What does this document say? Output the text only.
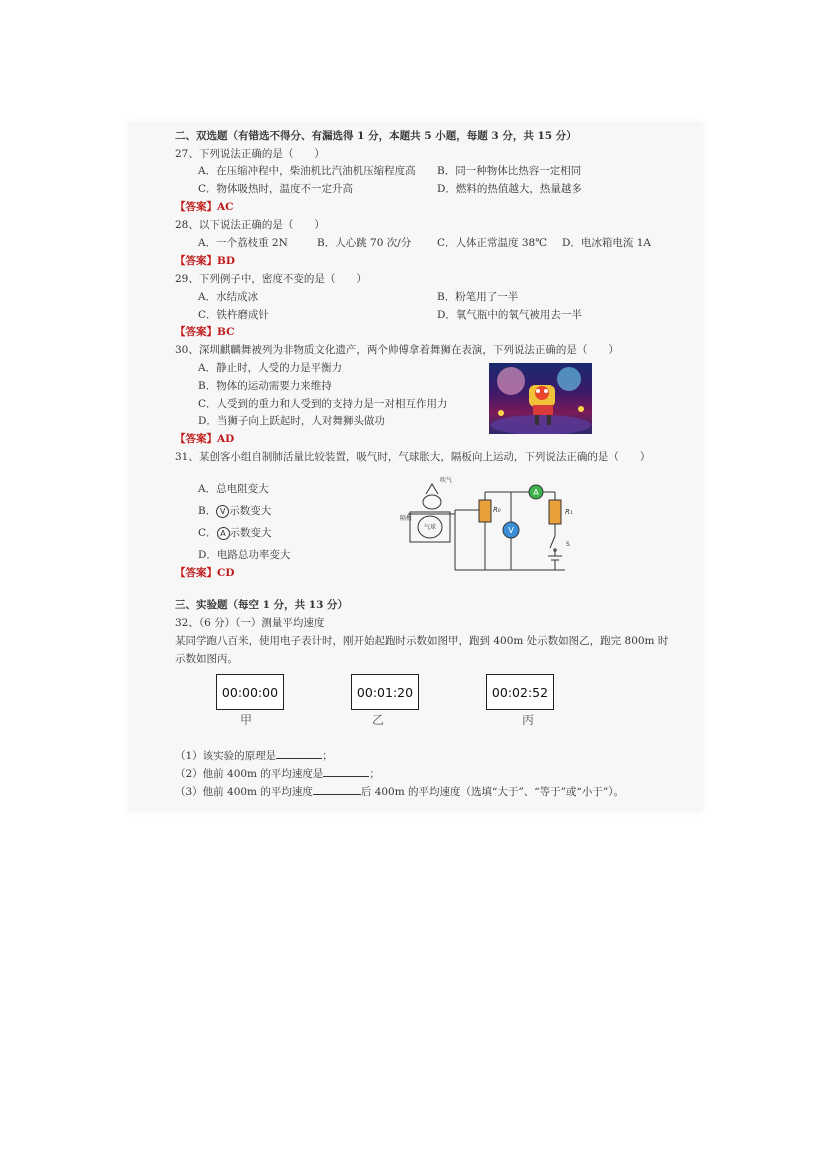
二、双选题（有错选不得分、有漏选得 1 分，本题共 5 小题，每题 3 分，共 15 分）
27、下列说法正确的是（　　）
A．在压缩冲程中，柴油机比汽油机压缩程度高 B．同一种物体比热容一定相同
C．物体吸热时，温度不一定升高	D．燃料的热值越大，热量越多
【答案】AC
28、以下说法正确的是（　　）
A．一个荔枝重 2N	B．人心跳 70 次/分 C．人体正常温度 38℃ D．电冰箱电流 1A
【答案】BD
29、下列例子中，密度不变的是（　　）
A．水结成冰	B．粉笔用了一半
C．铁杵磨成针	D．氧气瓶中的氧气被用去一半
【答案】BC
30、深圳麒麟舞被列为非物质文化遗产，两个帅傅拿着舞狮在表演，下列说法正确的是（　　）
A．静止时，人受的力是平衡力
B．物体的运动需要力来维持
C．人受到的重力和人受到的支持力是一对相互作用力
D．当狮子向上跃起时，人对舞狮头做功
【答案】AD
31、某创客小组自制肺活量比较装置，吸气时，气球胀大，隔板向上运动，下列说法正确的是（　　）
A．总电阻变大
B． V 示数变大
C． A 示数变大
D．电路总功率变大
【答案】CD
A
V
吹气
隔板
气球
R₀	R₁
S
三、实验题（每空 1 分，共 13 分）
32、（6 分）（一）测量平均速度
某同学跑八百米，使用电子表计时，刚开始起跑时示数如图甲，跑到 400m 处示数如图乙，跑完 800m 时
示数如图丙。
00:00:00	00:01:20	00:02:52
甲	乙	丙
（1）该实验的原理是	；
（2）他前 400m 的平均速度是	；
（3）他前 400m 的平均速度	后 400m 的平均速度（选填“大于”、“等于”或“小于”）。
